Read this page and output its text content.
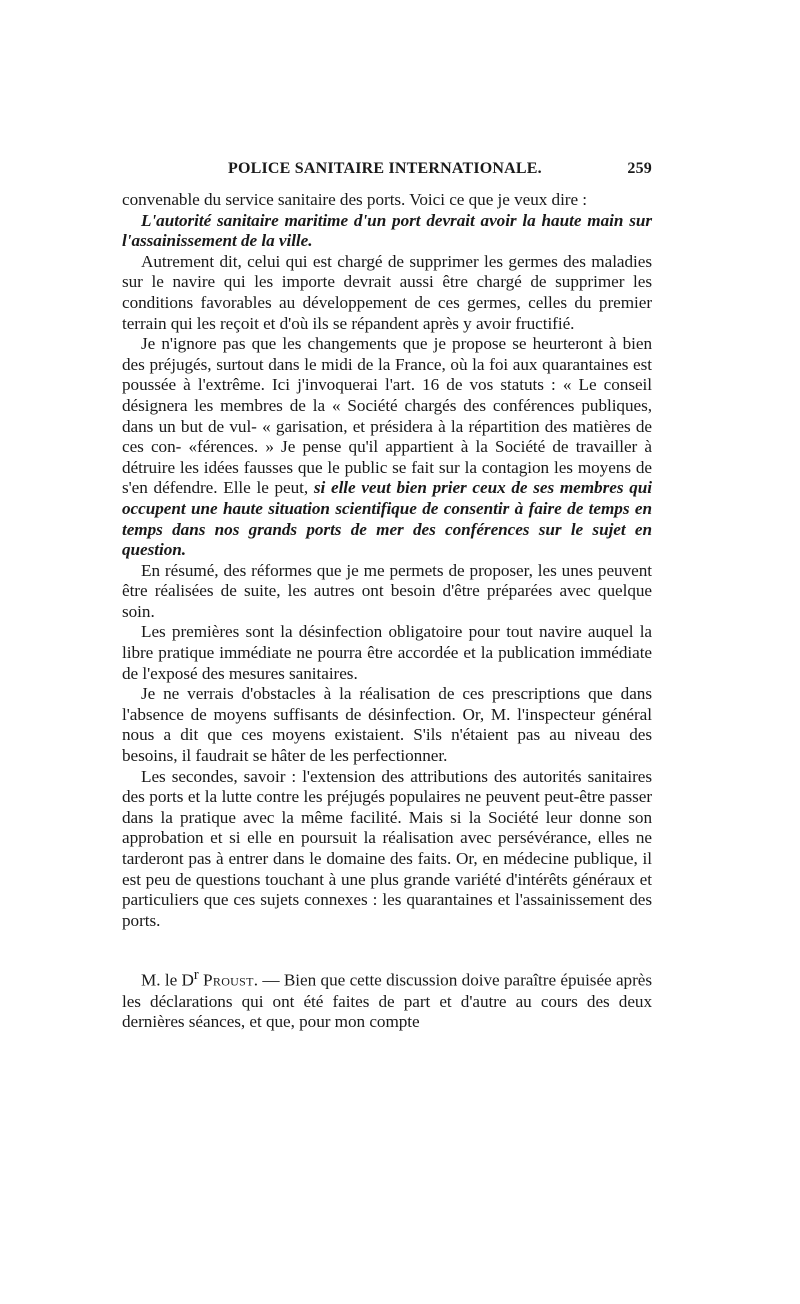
POLICE SANITAIRE INTERNATIONALE.	259

convenable du service sanitaire des ports. Voici ce que je veux dire :

L'autorité sanitaire maritime d'un port devrait avoir la haute main sur l'assainissement de la ville.

Autrement dit, celui qui est chargé de supprimer les germes des maladies sur le navire qui les importe devrait aussi être chargé de supprimer les conditions favorables au développement de ces germes, celles du premier terrain qui les reçoit et d'où ils se répandent après y avoir fructifié.

Je n'ignore pas que les changements que je propose se heurteront à bien des préjugés, surtout dans le midi de la France, où la foi aux quarantaines est poussée à l'extrême. Ici j'invoquerai l'art. 16 de vos statuts : « Le conseil désignera les membres de la « Société chargés des conférences publiques, dans un but de vul- « garisation, et présidera à la répartition des matières de ces con- «férences. » Je pense qu'il appartient à la Société de travailler à détruire les idées fausses que le public se fait sur la contagion les moyens de s'en défendre. Elle le peut, si elle veut bien prier ceux de ses membres qui occupent une haute situation scientifique de consentir à faire de temps en temps dans nos grands ports de mer des conférences sur le sujet en question.

En résumé, des réformes que je me permets de proposer, les unes peuvent être réalisées de suite, les autres ont besoin d'être préparées avec quelque soin.

Les premières sont la désinfection obligatoire pour tout navire auquel la libre pratique immédiate ne pourra être accordée et la publication immédiate de l'exposé des mesures sanitaires.

Je ne verrais d'obstacles à la réalisation de ces prescriptions que dans l'absence de moyens suffisants de désinfection. Or, M. l'inspecteur général nous a dit que ces moyens existaient. S'ils n'étaient pas au niveau des besoins, il faudrait se hâter de les perfectionner.

Les secondes, savoir : l'extension des attributions des autorités sanitaires des ports et la lutte contre les préjugés populaires ne peuvent peut-être passer dans la pratique avec la même facilité. Mais si la Société leur donne son approbation et si elle en poursuit la réalisation avec persévérance, elles ne tarderont pas à entrer dans le domaine des faits. Or, en médecine publique, il est peu de questions touchant à une plus grande variété d'intérêts généraux et particuliers que ces sujets connexes : les quarantaines et l'assainissement des ports.

M. le $D^r$ Proust. — Bien que cette discussion doive paraître épuisée après les déclarations qui ont été faites de part et d'autre au cours des deux dernières séances, et que, pour mon compte
